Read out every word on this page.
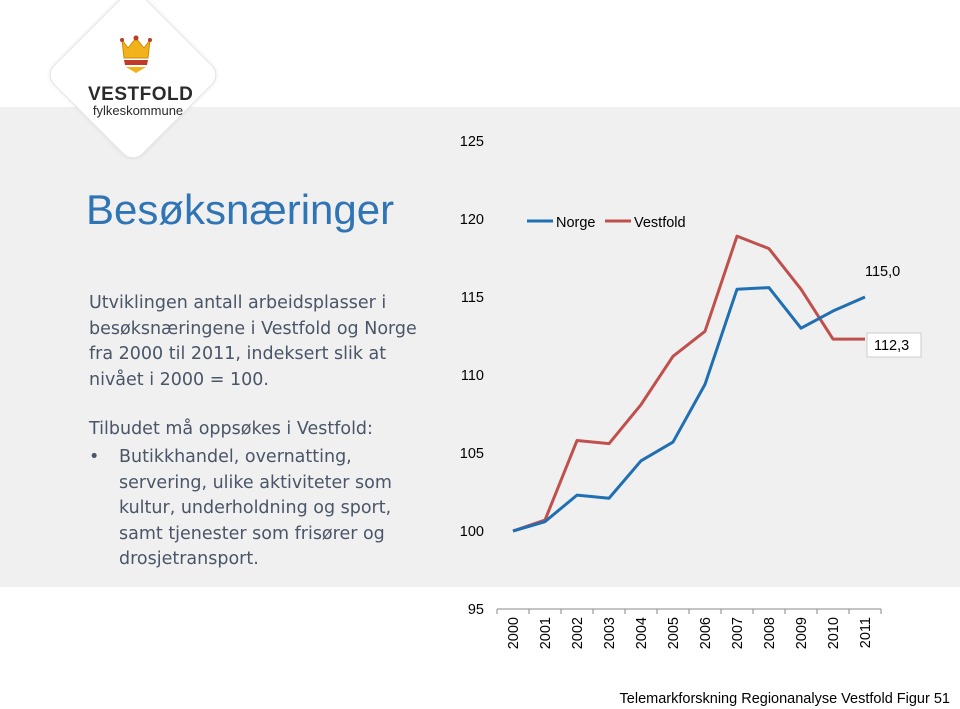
VESTFOLD
fylkeskommune
Besøksnæringer
Utviklingen antall arbeidsplasser i besøksnæringene i Vestfold og Norge fra 2000 til 2011, indeksert slik at nivået i 2000 = 100.
Tilbudet må oppsøkes i Vestfold:
• Butikkhandel, overnatting, servering, ulike aktiviteter som kultur, underholdning og sport, samt tjenester som frisører og drosjetransport.
95
100
105
110
115
120
125
2000 2001 2002 2003 2004 2005 2006 2007 2008 2009 2010 2011
Norge	Vestfold
115,0
112,3
Telemarkforskning Regionanalyse Vestfold Figur 51
